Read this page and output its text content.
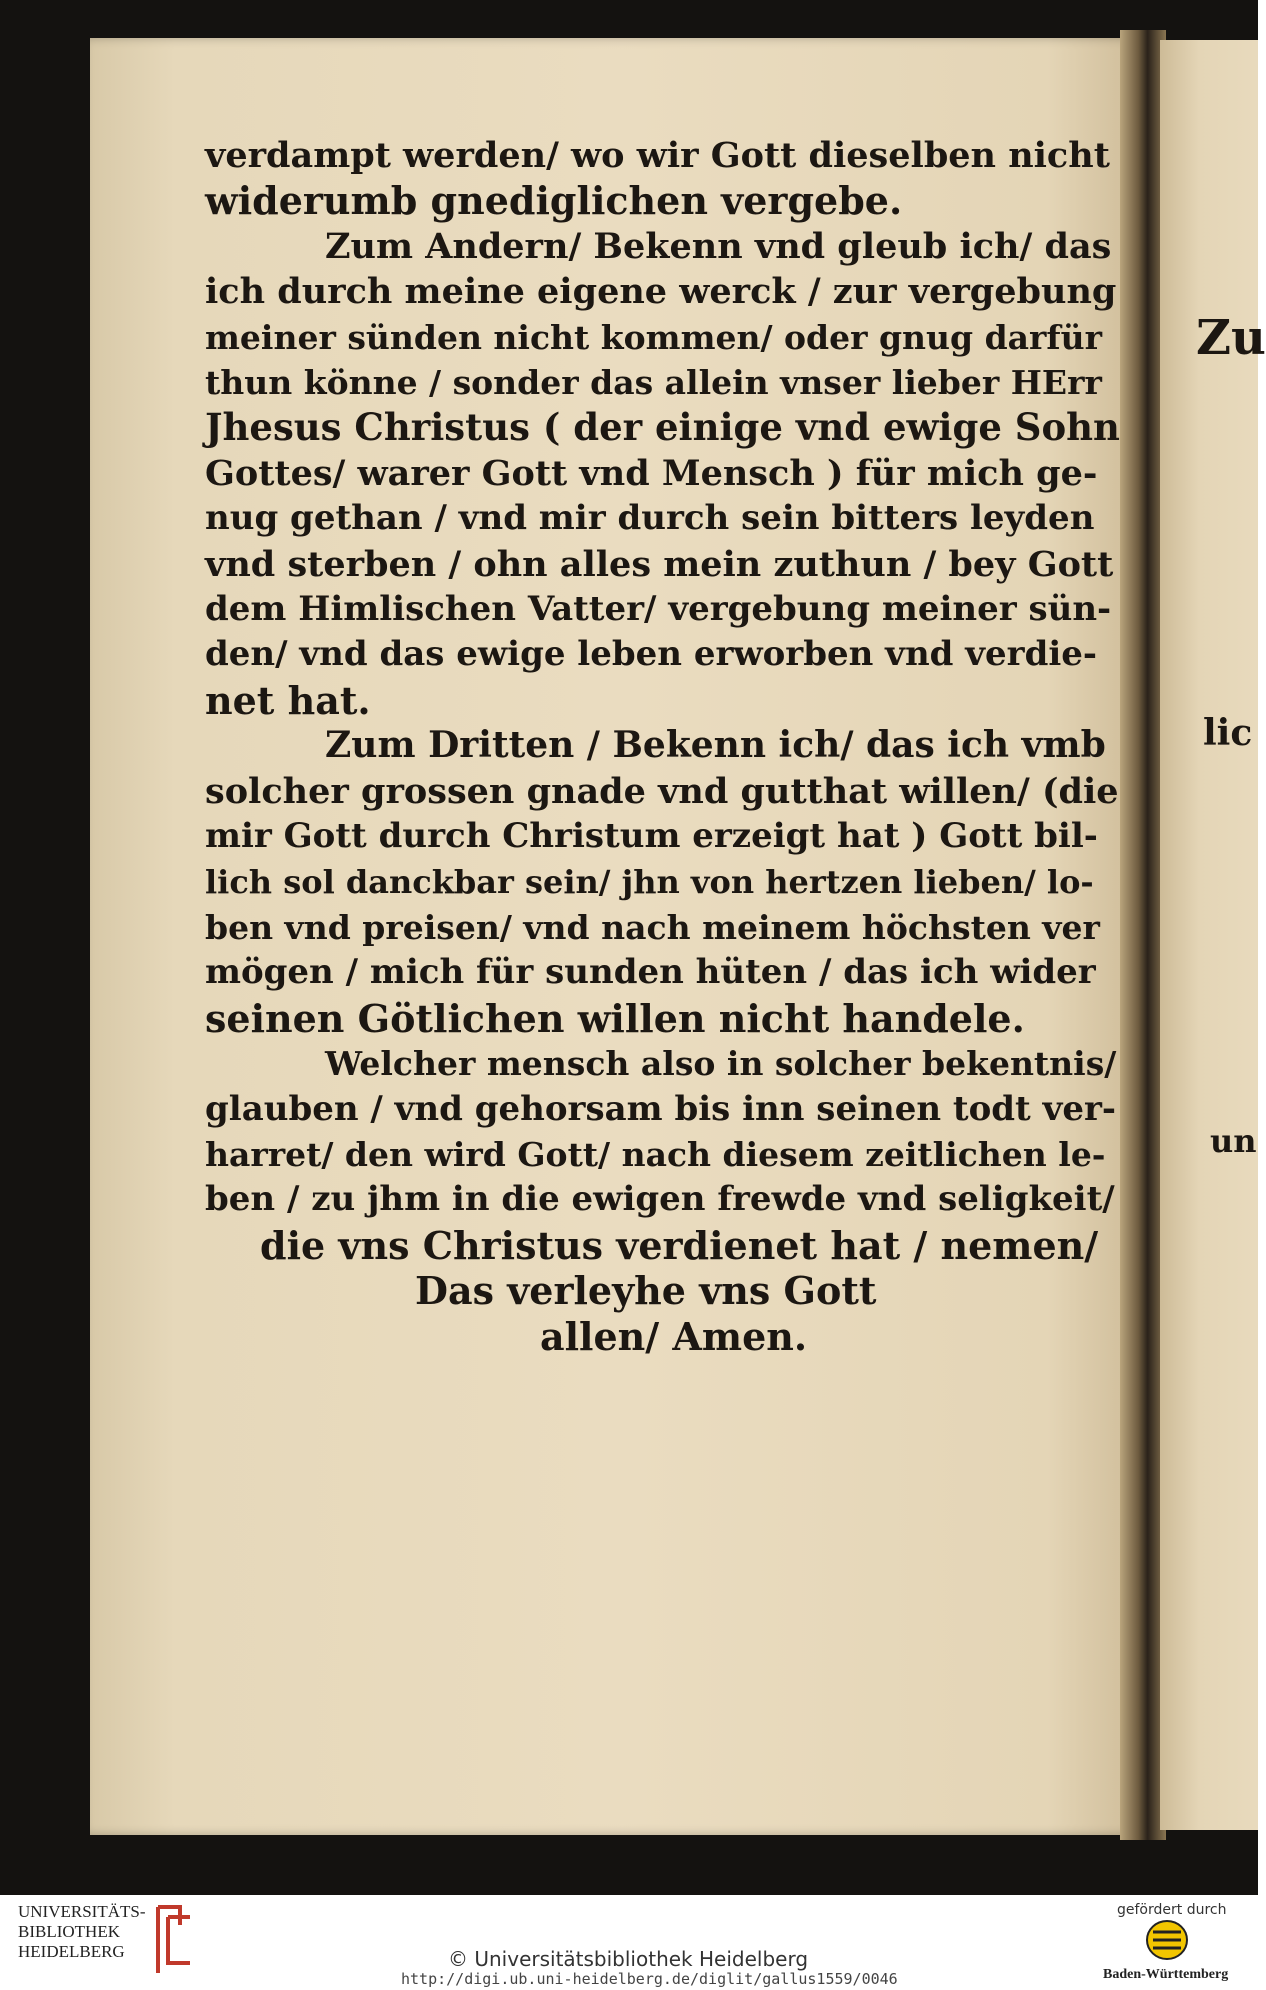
verdampt werden/ wo wir Gott dieselben nicht
widerumb gnediglichen vergebe.
Zum Andern/ Bekenn vnd gleub ich/ das
ich durch meine eigene werck / zur vergebung
meiner sünden nicht kommen/ oder gnug darfür
thun könne / sonder das allein vnser lieber HErr
Jhesus Christus ( der einige vnd ewige Sohn
Gottes/ warer Gott vnd Mensch ) für mich ge-
nug gethan / vnd mir durch sein bitters leyden
vnd sterben / ohn alles mein zuthun / bey Gott
dem Himlischen Vatter/ vergebung meiner sün-
den/ vnd das ewige leben erworben vnd verdie-
net hat.
Zum Dritten / Bekenn ich/ das ich vmb
solcher grossen gnade vnd gutthat willen/ (die
mir Gott durch Christum erzeigt hat ) Gott bil-
lich sol danckbar sein/ jhn von hertzen lieben/ lo-
ben vnd preisen/ vnd nach meinem höchsten ver
mögen / mich für sunden hüten / das ich wider
seinen Götlichen willen nicht handele.
Welcher mensch also in solcher bekentnis/
glauben / vnd gehorsam bis inn seinen todt ver-
harret/ den wird Gott/ nach diesem zeitlichen le-
ben / zu jhm in die ewigen frewde vnd seligkeit/
die vns Christus verdienet hat / nemen/
Das verleyhe vns Gott
allen/ Amen.
Zu
lic
un
UNIVERSITÄTS-
BIBLIOTHEK
HEIDELBERG	© Universitätsbibliothek Heidelberg
http://digi.ub.uni-heidelberg.de/diglit/gallus1559/0046
gefördert durch
Baden-Württemberg
